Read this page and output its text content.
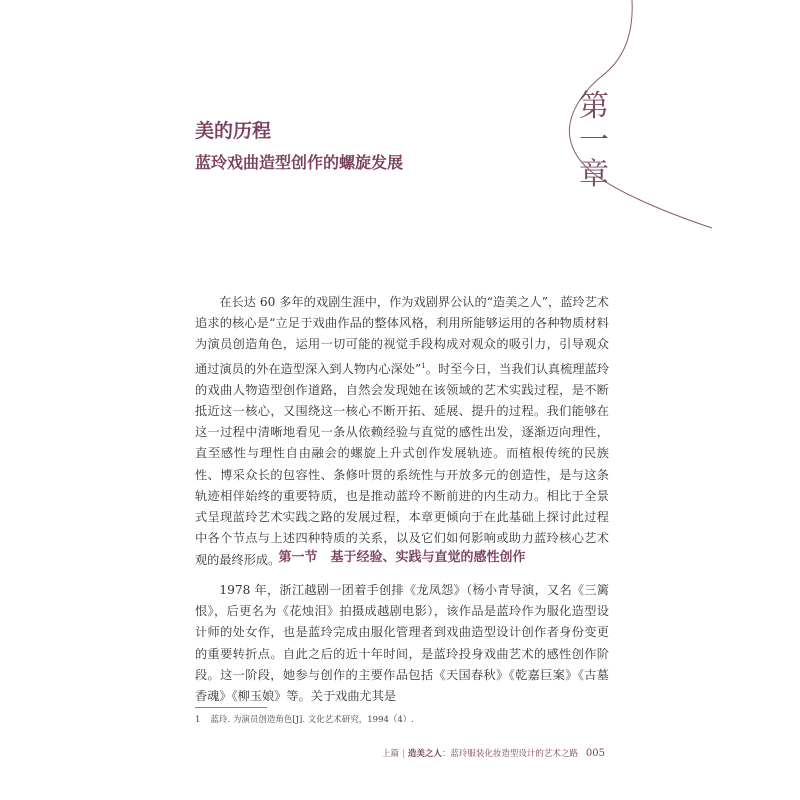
第
一
章
美的历程
蓝玲戏曲造型创作的螺旋发展

在长达 60 多年的戏剧生涯中，作为戏剧界公认的“造美之人”，蓝玲艺术追求的核心是“立足于戏曲作品的整体风格，利用所能够运用的各种物质材料为演员创造角色，运用一切可能的视觉手段构成对观众的吸引力，引导观众通过演员的外在造型深入到人物内心深处”$^1$。时至今日，当我们认真梳理蓝玲的戏曲人物造型创作道路，自然会发现她在该领域的艺术实践过程，是不断抵近这一核心，又围绕这一核心不断开拓、延展、提升的过程。我们能够在这一过程中清晰地看见一条从依赖经验与直觉的感性出发，逐渐迈向理性，直至感性与理性自由融会的螺旋上升式创作发展轨迹。而植根传统的民族性、博采众长的包容性、条修叶贯的系统性与开放多元的创造性，是与这条轨迹相伴始终的重要特质，也是推动蓝玲不断前进的内生动力。相比于全景式呈现蓝玲艺术实践之路的发展过程，本章更倾向于在此基础上探讨此过程中各个节点与上述四种特质的关系，以及它们如何影响或助力蓝玲核心艺术观的最终形成。

第一节　基于经验、实践与直觉的感性创作

1978 年，浙江越剧一团着手创排《龙凤怨》（杨小青导演，又名《三篱恨》，后更名为《花烛泪》拍摄成越剧电影），该作品是蓝玲作为服化造型设计师的处女作，也是蓝玲完成由服化管理者到戏曲造型设计创作者身份变更的重要转折点。自此之后的近十年时间，是蓝玲投身戏曲艺术的感性创作阶段。这一阶段，她参与创作的主要作品包括《天国春秋》《乾嘉巨案》《古墓香魂》《柳玉娘》等。关于戏曲尤其是

1 蓝玲. 为演员创造角色[J]. 文化艺术研究，1994（4）.
上篇 | 造美之人：蓝玲服装化妆造型设计的艺术之路 005
